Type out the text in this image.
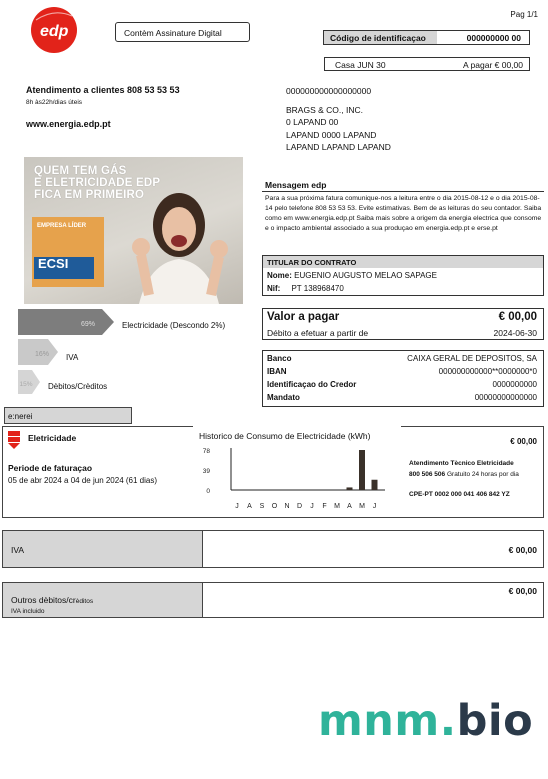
edp
Pag 1/1
Contèm Assinature Digital	Código de identificaçao	000000000 00
Casa JUN 30	A pagar € 00,00
Atendimento a clientes 808 53 53 53
8h às22h/dias úteis
www.energia.edp.pt
000000000000000000
BRAGS & CO., INC.
0 LAPAND 00
LAPAND 0000 LAPAND
LAPAND LAPAND LAPAND
QUEM TEM GÁS
E ELETRICIDADE EDP
FICA EM PRIMEIRO
EMPRESA LÍDER
ECSI
69%	Electricidade (Descondo 2%)
16% IVA
15% Dèbitos/Crèditos
Mensagem edp
Para a sua próxima fatura comunique-nos a leitura entre o dia 2015-08-12 e o dia 2015-08-14 pelo telefone 808 53 53 53. Evite estimativas. Bem de as leituras do seu contador. Saiba como em www.energia.edp.pt Saiba mais sobre a origem da energia electrica que consome e o impacto ambiental associado a sua produçao em energia.edp.pt e erse.pt
TITULAR DO CONTRATO
Nome: EUGENIO AUGUSTO MELAO SAPAGE
Nif: PT 138968470
Valor a pagar	€ 00,00
Débito a efetuar a partir de	2024-06-30
Banco	CAIXA GERAL DE DEPOSITOS, SA
IBAN	000000000000**0000000*0
Identificaçao do Credor	0000000000
Mandato	00000000000000
e:nerei
Eletricidade
Periode de faturaçao
05 de abr 2024 a 04 de jun 2024 (61 dias)
€ 00,00
Atendimento Tècnico Eletricidade
800 506 506 Gratuito 24 horas por dia
CPE-PT 0002 000 041 406 842 YZ
Historico de Consumo de Electricidade (kWh)
78
39
0
J A S O N D J F M A M J
IVA	€ 00,00
Outros dèbitos/crèditos
IVA incluido
€ 00,00
mnm.bio
